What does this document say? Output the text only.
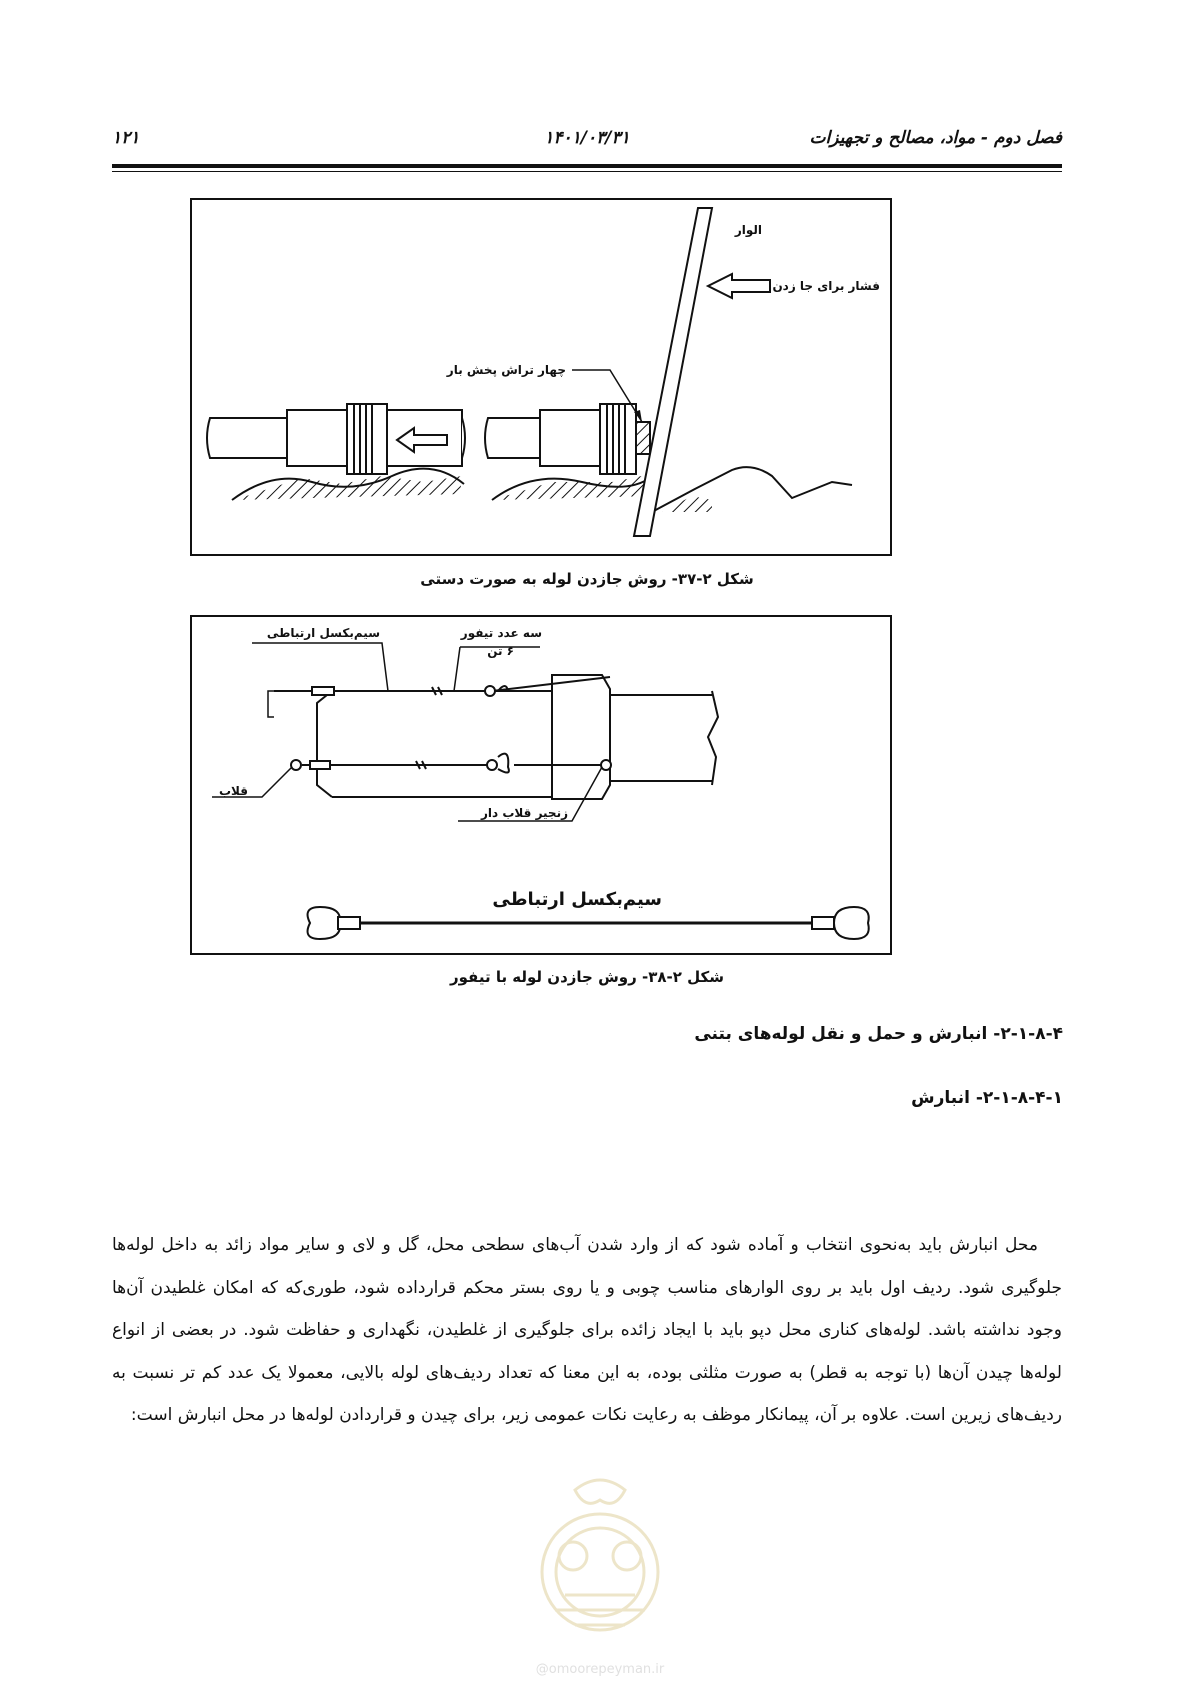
۱۲۱	۱۴۰۱/۰۳/۳۱	فصل دوم - مواد، مصالح و تجهیزات
الوار
فشار برای جا زدن
چهار تراش پخش بار
شکل ۲-۳۷- روش جازدن لوله به صورت دستی
سیم‌بکسل ارتباطی	سه عدد تیفور
۶ تن
قلاب
زنجیر قلاب دار
سیم‌بکسل ارتباطی
شکل ۲-۳۸- روش جازدن لوله با تیفور
۲-۱-۸-۴- انبارش و حمل و نقل لوله‌های بتنی
۲-۱-۸-۴-۱- انبارش

محل انبارش باید به‌نحوی انتخاب و آماده شود که از وارد شدن آب‌های سطحی محل، گل و لای و سایر مواد زائد به داخل لوله‌ها جلوگیری شود. ردیف اول باید بر روی الوارهای مناسب چوبی و یا روی بستر محکم قرارداده شود، طوری‌که که امکان غلطیدن آن‌ها وجود نداشته باشد. لوله‌های کناری محل دپو باید با ایجاد زائده برای جلوگیری از غلطیدن، نگهداری و حفاظت شود. در بعضی از انواع لوله‌ها چیدن آن‌ها (با توجه به قطر) به صورت مثلثی بوده، به این معنا که تعداد ردیف‌های لوله بالایی، معمولا یک عدد کم تر نسبت به ردیف‌های زیرین است. علاوه بر آن، پیمانکار موظف به رعایت نکات عمومی زیر، برای چیدن و قراردادن لوله‌ها در محل انبارش است:

@omoorepeyman.ir
